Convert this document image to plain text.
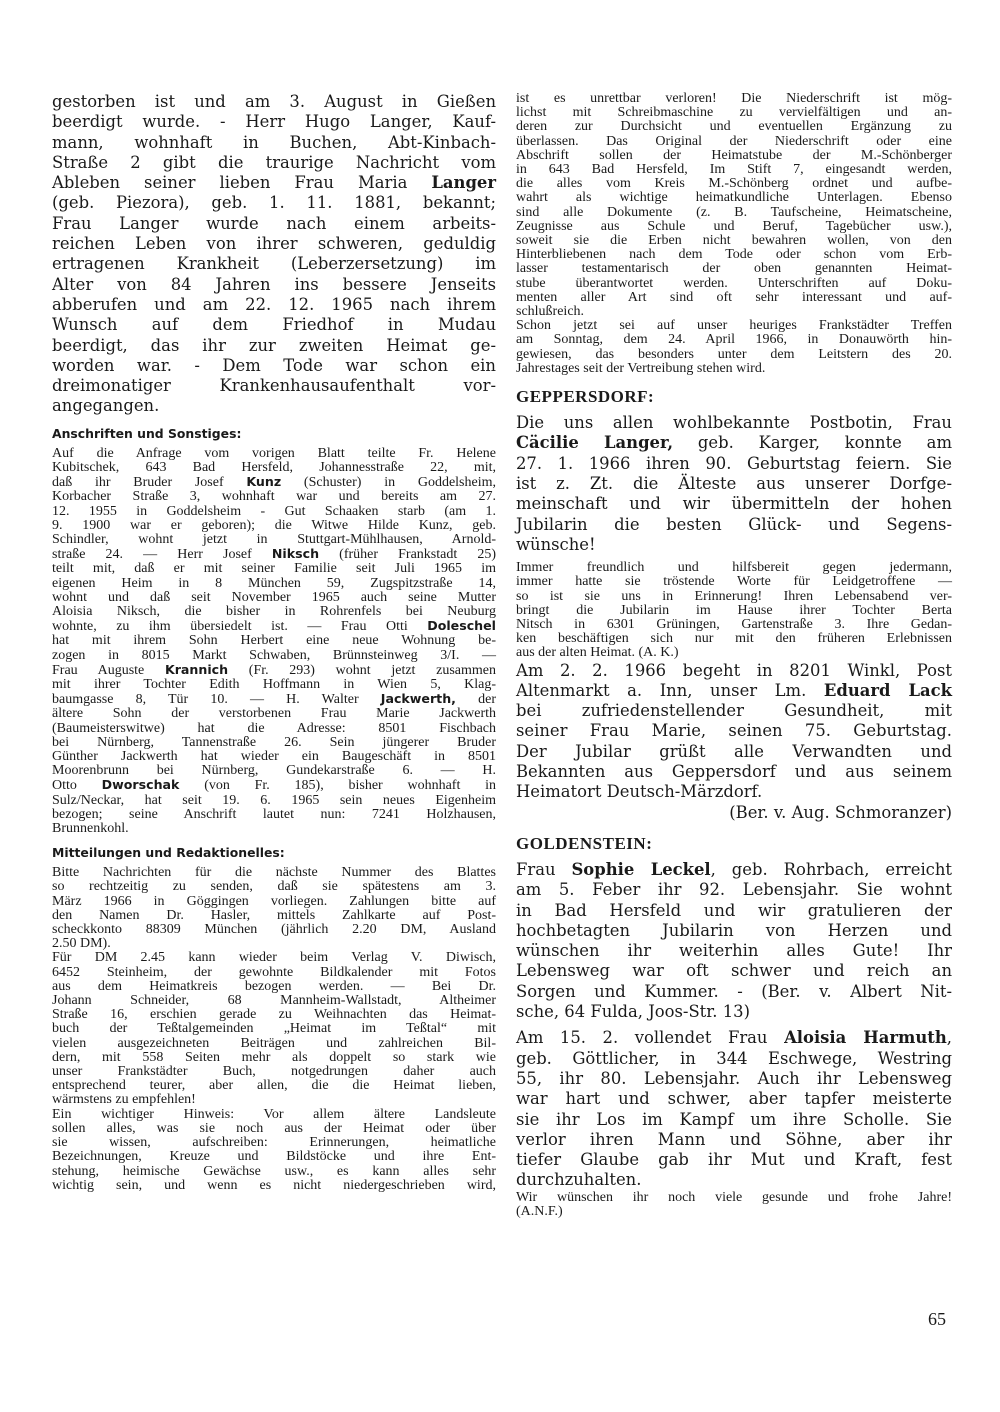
gestorben ist und am 3. August in Gießen
beerdigt wurde. - Herr Hugo Langer, Kauf-
mann, wohnhaft in Buchen, Abt-Kinbach-
Straße 2 gibt die traurige Nachricht vom
Ableben seiner lieben Frau Maria Langer
(geb. Piezora), geb. 1. 11. 1881, bekannt;
Frau Langer wurde nach einem arbeits-
reichen Leben von ihrer schweren, geduldig
ertragenen Krankheit (Leberzersetzung) im
Alter von 84 Jahren ins bessere Jenseits
abberufen und am 22. 12. 1965 nach ihrem
Wunsch auf dem Friedhof in Mudau
beerdigt, das ihr zur zweiten Heimat ge-
worden war. - Dem Tode war schon ein
dreimonatiger Krankenhausaufenthalt vor-
angegangen.
Anschriften und Sonstiges:
Auf die Anfrage vom vorigen Blatt teilte Fr. Helene
Kubitschek, 643 Bad Hersfeld, Johannesstraße 22, mit,
daß ihr Bruder Josef Kunz (Schuster) in Goddelsheim,
Korbacher Straße 3, wohnhaft war und bereits am 27.
12. 1955 in Goddelsheim - Gut Schaaken starb (am 1.
9. 1900 war er geboren); die Witwe Hilde Kunz, geb.
Schindler, wohnt jetzt in Stuttgart-Mühlhausen, Arnold-
straße 24. — Herr Josef Niksch (früher Frankstadt 25)
teilt mit, daß er mit seiner Familie seit Juli 1965 im
eigenen Heim in 8 München 59, Zugspitzstraße 14,
wohnt und daß seit November 1965 auch seine Mutter
Aloisia Niksch, die bisher in Rohrenfels bei Neuburg
wohnte, zu ihm übersiedelt ist. — Frau Otti Doleschel
hat mit ihrem Sohn Herbert eine neue Wohnung be-
zogen in 8015 Markt Schwaben, Brünnsteinweg 3/I. —
Frau Auguste Krannich (Fr. 293) wohnt jetzt zusammen
mit ihrer Tochter Edith Hoffmann in Wien 5, Klag-
baumgasse 8, Tür 10. — H. Walter Jackwerth, der
ältere Sohn der verstorbenen Frau Marie Jackwerth
(Baumeisterswitwe) hat die Adresse: 8501 Fischbach
bei Nürnberg, Tannenstraße 26. Sein jüngerer Bruder
Günther Jackwerth hat wieder ein Baugeschäft in 8501
Moorenbrunn bei Nürnberg, Gundekarstraße 6. — H.
Otto Dworschak (von Fr. 185), bisher wohnhaft in
Sulz/Neckar, hat seit 19. 6. 1965 sein neues Eigenheim
bezogen; seine Anschrift lautet nun: 7241 Holzhausen,
Brunnenkohl.
Mitteilungen und Redaktionelles:
Bitte Nachrichten für die nächste Nummer des Blattes
so rechtzeitig zu senden, daß sie spätestens am 3.
März 1966 in Göggingen vorliegen. Zahlungen bitte auf
den Namen Dr. Hasler, mittels Zahlkarte auf Post-
scheckkonto 88309 München (jährlich 2.20 DM, Ausland
2.50 DM).
Für DM 2.45 kann wieder beim Verlag V. Diwisch,
6452 Steinheim, der gewohnte Bildkalender mit Fotos
aus dem Heimatkreis bezogen werden. — Bei Dr.
Johann Schneider, 68 Mannheim-Wallstadt, Altheimer
Straße 16, erschien gerade zu Weihnachten das Heimat-
buch der Teßtalgemeinden „Heimat im Teßtal“ mit
vielen ausgezeichneten Beiträgen und zahlreichen Bil-
dern, mit 558 Seiten mehr als doppelt so stark wie
unser Frankstädter Buch, notgedrungen daher auch
entsprechend teurer, aber allen, die die Heimat lieben,
wärmstens zu empfehlen!
Ein wichtiger Hinweis: Vor allem ältere Landsleute
sollen alles, was sie noch aus der Heimat oder über
sie wissen, aufschreiben: Erinnerungen, heimatliche
Bezeichnungen, Kreuze und Bildstöcke und ihre Ent-
stehung, heimische Gewächse usw., es kann alles sehr
wichtig sein, und wenn es nicht niedergeschrieben wird,
ist es unrettbar verloren! Die Niederschrift ist mög-
lichst mit Schreibmaschine zu vervielfältigen und an-
deren zur Durchsicht und eventuellen Ergänzung zu
überlassen. Das Original der Niederschrift oder eine
Abschrift sollen der Heimatstube der M.-Schönberger
in 643 Bad Hersfeld, Im Stift 7, eingesandt werden,
die alles vom Kreis M.-Schönberg ordnet und aufbe-
wahrt als wichtige heimatkundliche Unterlagen. Ebenso
sind alle Dokumente (z. B. Taufscheine, Heimatscheine,
Zeugnisse aus Schule und Beruf, Tagebücher usw.),
soweit sie die Erben nicht bewahren wollen, von den
Hinterbliebenen nach dem Tode oder schon vom Erb-
lasser testamentarisch der oben genannten Heimat-
stube überantwortet werden. Unterschriften auf Doku-
menten aller Art sind oft sehr interessant und auf-
schlußreich.
Schon jetzt sei auf unser heuriges Frankstädter Treffen
am Sonntag, dem 24. April 1966, in Donauwörth hin-
gewiesen, das besonders unter dem Leitstern des 20.
Jahrestages seit der Vertreibung stehen wird.
GEPPERSDORF:
Die uns allen wohlbekannte Postbotin, Frau
Cäcilie Langer, geb. Karger, konnte am
27. 1. 1966 ihren 90. Geburtstag feiern. Sie
ist z. Zt. die Älteste aus unserer Dorfge-
meinschaft und wir übermitteln der hohen
Jubilarin die besten Glück- und Segens-
wünsche!
Immer freundlich und hilfsbereit gegen jedermann,
immer hatte sie tröstende Worte für Leidgetroffene —
so ist sie uns in Erinnerung! Ihren Lebensabend ver-
bringt die Jubilarin im Hause ihrer Tochter Berta
Nitsch in 6301 Grüningen, Gartenstraße 3. Ihre Gedan-
ken beschäftigen sich nur mit den früheren Erlebnissen
aus der alten Heimat. (A. K.)
Am 2. 2. 1966 begeht in 8201 Winkl, Post
Altenmarkt a. Inn, unser Lm. Eduard Lack
bei zufriedenstellender Gesundheit, mit
seiner Frau Marie, seinen 75. Geburtstag.
Der Jubilar grüßt alle Verwandten und
Bekannten aus Geppersdorf und aus seinem
Heimatort Deutsch-Märzdorf.
(Ber. v. Aug. Schmoranzer)
GOLDENSTEIN:
Frau Sophie Leckel, geb. Rohrbach, erreicht
am 5. Feber ihr 92. Lebensjahr. Sie wohnt
in Bad Hersfeld und wir gratulieren der
hochbetagten Jubilarin von Herzen und
wünschen ihr weiterhin alles Gute! Ihr
Lebensweg war oft schwer und reich an
Sorgen und Kummer. - (Ber. v. Albert Nit-
sche, 64 Fulda, Joos-Str. 13)
Am 15. 2. vollendet Frau Aloisia Harmuth,
geb. Göttlicher, in 344 Eschwege, Westring
55, ihr 80. Lebensjahr. Auch ihr Lebensweg
war hart und schwer, aber tapfer meisterte
sie ihr Los im Kampf um ihre Scholle. Sie
verlor ihren Mann und Söhne, aber ihr
tiefer Glaube gab ihr Mut und Kraft, fest
durchzuhalten.
Wir wünschen ihr noch viele gesunde und frohe Jahre!
(A.N.F.)
65
